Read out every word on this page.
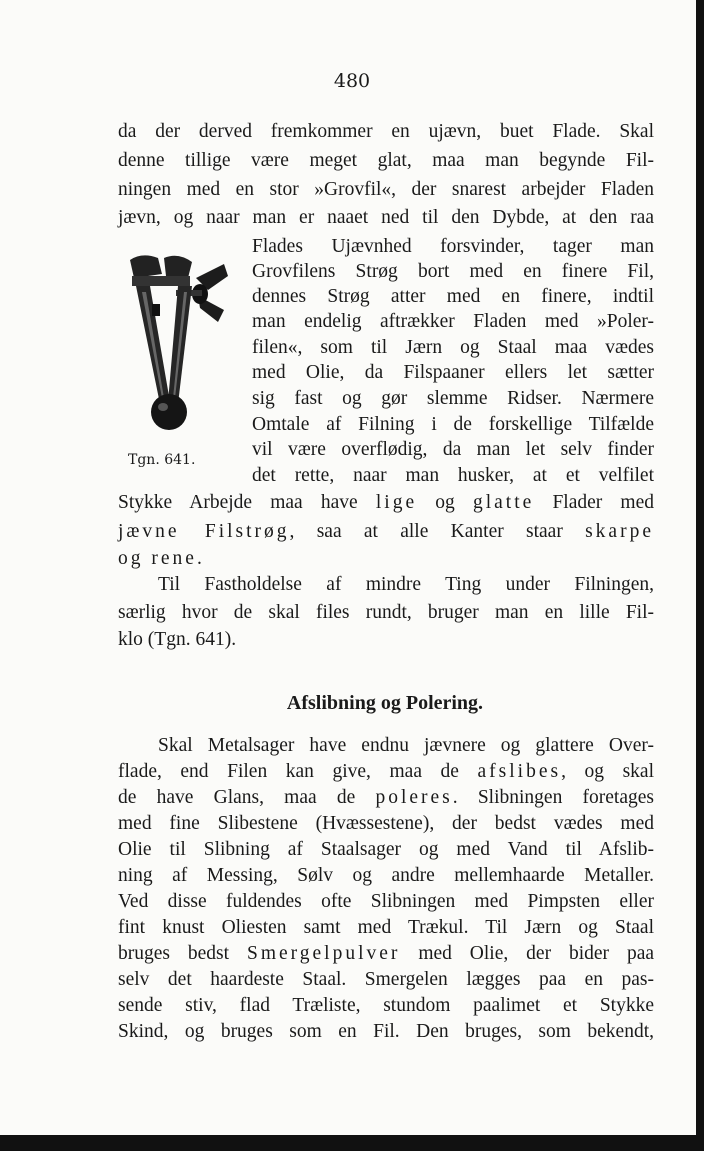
480
da der derved fremkommer en ujævn, buet Flade. Skal
denne tillige være meget glat, maa man begynde Fil-
ningen med en stor »Grovfil«, der snarest arbejder Fladen
jævn, og naar man er naaet ned til den Dybde, at den raa
Tgn. 641.
Flades Ujævnhed forsvinder, tager man
Grovfilens Strøg bort med en finere Fil,
dennes Strøg atter med en finere, indtil
man endelig aftrækker Fladen med »Poler-
filen«, som til Jærn og Staal maa vædes
med Olie, da Filspaaner ellers let sætter
sig fast og gør slemme Ridser. Nærmere
Omtale af Filning i de forskellige Tilfælde
vil være overflødig, da man let selv finder
det rette, naar man husker, at et velfilet
Stykke Arbejde maa have lige og glatte Flader med
jævne Filstrøg, saa at alle Kanter staar skarpe
og rene.
Til Fastholdelse af mindre Ting under Filningen,
særlig hvor de skal files rundt, bruger man en lille Fil-
klo (Tgn. 641).
Afslibning og Polering.
Skal Metalsager have endnu jævnere og glattere Over-
flade, end Filen kan give, maa de afslibes, og skal
de have Glans, maa de poleres. Slibningen foretages
med fine Slibestene (Hvæssestene), der bedst vædes med
Olie til Slibning af Staalsager og med Vand til Afslib-
ning af Messing, Sølv og andre mellemhaarde Metaller.
Ved disse fuldendes ofte Slibningen med Pimpsten eller
fint knust Oliesten samt med Trækul. Til Jærn og Staal
bruges bedst Smergelpulver med Olie, der bider paa
selv det haardeste Staal. Smergelen lægges paa en pas-
sende stiv, flad Træliste, stundom paalimet et Stykke
Skind, og bruges som en Fil. Den bruges, som bekendt,
